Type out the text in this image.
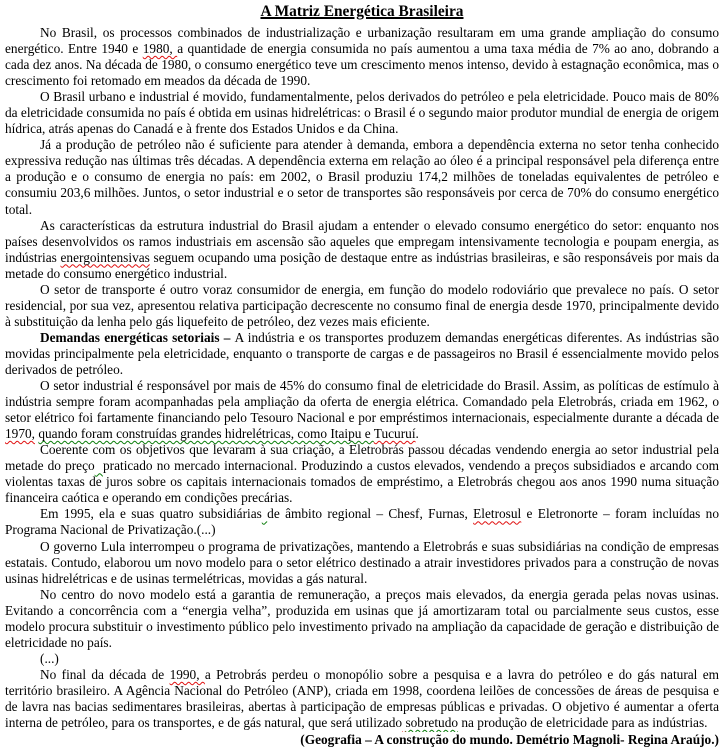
A Matriz Energética Brasileira

No Brasil, os processos combinados de industrialização e urbanização resultaram em uma grande ampliação do consumo energético. Entre 1940 e 1980, a quantidade de energia consumida no país aumentou a uma taxa média de 7% ao ano, dobrando a cada dez anos. Na década de 1980, o consumo energético teve um crescimento menos intenso, devido à estagnação econômica, mas o crescimento foi retomado em meados da década de 1990.

O Brasil urbano e industrial é movido, fundamentalmente, pelos derivados do petróleo e pela eletricidade. Pouco mais de 80% da eletricidade consumida no país é obtida em usinas hidrelétricas: o Brasil é o segundo maior produtor mundial de energia de origem hídrica, atrás apenas do Canadá e à frente dos Estados Unidos e da China.

Já a produção de petróleo não é suficiente para atender à demanda, embora a dependência externa no setor tenha conhecido expressiva redução nas últimas três décadas. A dependência externa em relação ao óleo é a principal responsável pela diferença entre a produção e o consumo de energia no país: em 2002, o Brasil produziu 174,2 milhões de toneladas equivalentes de petróleo e consumiu 203,6 milhões. Juntos, o setor industrial e o setor de transportes são responsáveis por cerca de 70% do consumo energético total.

As características da estrutura industrial do Brasil ajudam a entender o elevado consumo energético do setor: enquanto nos países desenvolvidos os ramos industriais em ascensão são aqueles que empregam intensivamente tecnologia e poupam energia, as indústrias energointensivas seguem ocupando uma posição de destaque entre as indústrias brasileiras, e são responsáveis por mais da metade do consumo energético industrial.

O setor de transporte é outro voraz consumidor de energia, em função do modelo rodoviário que prevalece no país. O setor residencial, por sua vez, apresentou relativa participação decrescente no consumo final de energia desde 1970, principalmente devido à substituição da lenha pelo gás liquefeito de petróleo, dez vezes mais eficiente.

Demandas energéticas setoriais – A indústria e os transportes produzem demandas energéticas diferentes. As indústrias são movidas principalmente pela eletricidade, enquanto o transporte de cargas e de passageiros no Brasil é essencialmente movido pelos derivados de petróleo.

O setor industrial é responsável por mais de 45% do consumo final de eletricidade do Brasil. Assim, as políticas de estímulo à indústria sempre foram acompanhadas pela ampliação da oferta de energia elétrica. Comandado pela Eletrobrás, criada em 1962, o setor elétrico foi fartamente financiando pelo Tesouro Nacional e por empréstimos internacionais, especialmente durante a década de 1970, quando foram construídas grandes hidrelétricas, como Itaipu e Tucuruí.

Coerente com os objetivos que levaram à sua criação, a Eletrobrás passou décadas vendendo energia ao setor industrial pela metade do preço praticado no mercado internacional. Produzindo a custos elevados, vendendo a preços subsidiados e arcando com violentas taxas de juros sobre os capitais internacionais tomados de empréstimo, a Eletrobrás chegou aos anos 1990 numa situação financeira caótica e operando em condições precárias.

Em 1995, ela e suas quatro subsidiárias de âmbito regional – Chesf, Furnas, Eletrosul e Eletronorte – foram incluídas no Programa Nacional de Privatização.(...)

O governo Lula interrompeu o programa de privatizações, mantendo a Eletrobrás e suas subsidiárias na condição de empresas estatais. Contudo, elaborou um novo modelo para o setor elétrico destinado a atrair investidores privados para a construção de novas usinas hidrelétricas e de usinas termelétricas, movidas a gás natural.

No centro do novo modelo está a garantia de remuneração, a preços mais elevados, da energia gerada pelas novas usinas. Evitando a concorrência com a “energia velha”, produzida em usinas que já amortizaram total ou parcialmente seus custos, esse modelo procura substituir o investimento público pelo investimento privado na ampliação da capacidade de geração e distribuição de eletricidade no país.

(...)

No final da década de 1990, a Petrobrás perdeu o monopólio sobre a pesquisa e a lavra do petróleo e do gás natural em território brasileiro. A Agência Nacional do Petróleo (ANP), criada em 1998, coordena leilões de concessões de áreas de pesquisa e de lavra nas bacias sedimentares brasileiras, abertas à participação de empresas públicas e privadas. O objetivo é aumentar a oferta interna de petróleo, para os transportes, e de gás natural, que será utilizado sobretudo na produção de eletricidade para as indústrias.

(Geografia – A construção do mundo. Demétrio Magnoli- Regina Araújo.)
